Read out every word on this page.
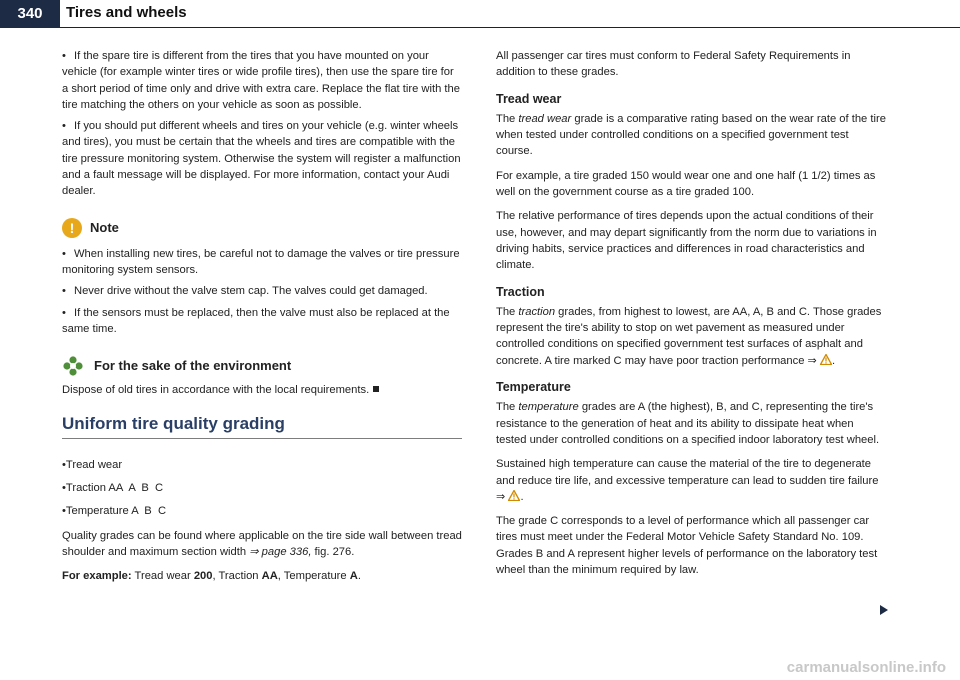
340	Tires and wheels
• If the spare tire is different from the tires that you have mounted on your vehicle (for example winter tires or wide profile tires), then use the spare tire for a short period of time only and drive with extra care. Replace the flat tire with the tire matching the others on your vehicle as soon as possible.
• If you should put different wheels and tires on your vehicle (e.g. winter wheels and tires), you must be certain that the wheels and tires are compatible with the tire pressure monitoring system. Otherwise the system will register a malfunction and a fault message will be displayed. For more information, contact your Audi dealer.
!	Note
• When installing new tires, be careful not to damage the valves or tire pressure monitoring system sensors.
• Never drive without the valve stem cap. The valves could get damaged.
• If the sensors must be replaced, then the valve must also be replaced at the same time.
For the sake of the environment

Dispose of old tires in accordance with the local requirements.

Uniform tire quality grading
•Tread wear
•Traction AA  A  B  C
•Temperature A  B  C

Quality grades can be found where applicable on the tire side wall between tread shoulder and maximum section width ⇒ page 336, fig. 276.

For example: Tread wear 200, Traction AA, Temperature A.

All passenger car tires must conform to Federal Safety Requirements in addition to these grades.

Tread wear

The tread wear grade is a comparative rating based on the wear rate of the tire when tested under controlled conditions on a specified government test course.

For example, a tire graded 150 would wear one and one half (1 1/2) times as well on the government course as a tire graded 100.

The relative performance of tires depends upon the actual conditions of their use, however, and may depart significantly from the norm due to variations in driving habits, service practices and differences in road characteristics and climate.

Traction

The traction grades, from highest to lowest, are AA, A, B and C. Those grades represent the tire's ability to stop on wet pavement as measured under controlled conditions on specified government test surfaces of asphalt and concrete. A tire marked C may have poor traction performance ⇒ .

Temperature

The temperature grades are A (the highest), B, and C, representing the tire's resistance to the generation of heat and its ability to dissipate heat when tested under controlled conditions on a specified indoor laboratory test wheel.

Sustained high temperature can cause the material of the tire to degenerate and reduce tire life, and excessive temperature can lead to sudden tire failure ⇒ .

The grade C corresponds to a level of performance which all passenger car tires must meet under the Federal Motor Vehicle Safety Standard No. 109. Grades B and A represent higher levels of performance on the laboratory test wheel than the minimum required by law.

carmanualsonline.info
